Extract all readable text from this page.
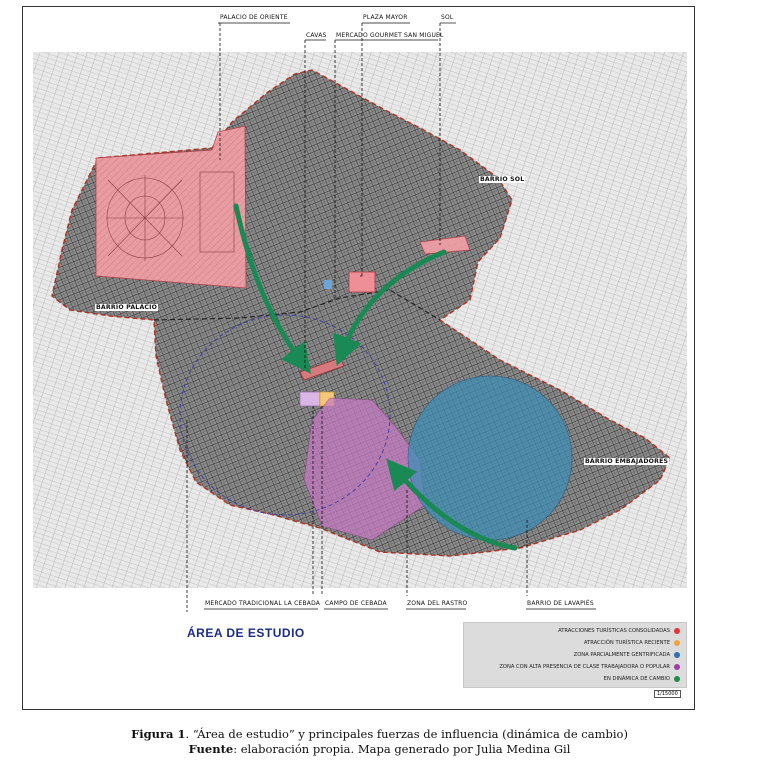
PALACIO DE ORIENTE
CAVAS
PLAZA MAYOR
MERCADO GOURMET SAN MIGUEL
SOL
MERCADO TRADICIONAL LA CEBADA CAMPO DE CEBADA	ZONA DEL RASTRO	BARRIO DE LAVAPIÉS
BARRIO SOL
BARRIO PALACIO
BARRIO EMBAJADORES
ÁREA DE ESTUDIO	ATRACCIONES TURÍSTICAS CONSOLIDADAS
ATRACCIÓN TURÍSTICA RECIENTE
ZONA PARCIALMENTE GENTRIFICADA
ZONA CON ALTA PRESENCIA DE CLASE TRABAJADORA O POPULAR
EN DINÁMICA DE CAMBIO
1/15000
Figura 1. “Área de estudio” y principales fuerzas de influencia (dinámica de cambio)
Fuente: elaboración propia. Mapa generado por Julia Medina Gil
